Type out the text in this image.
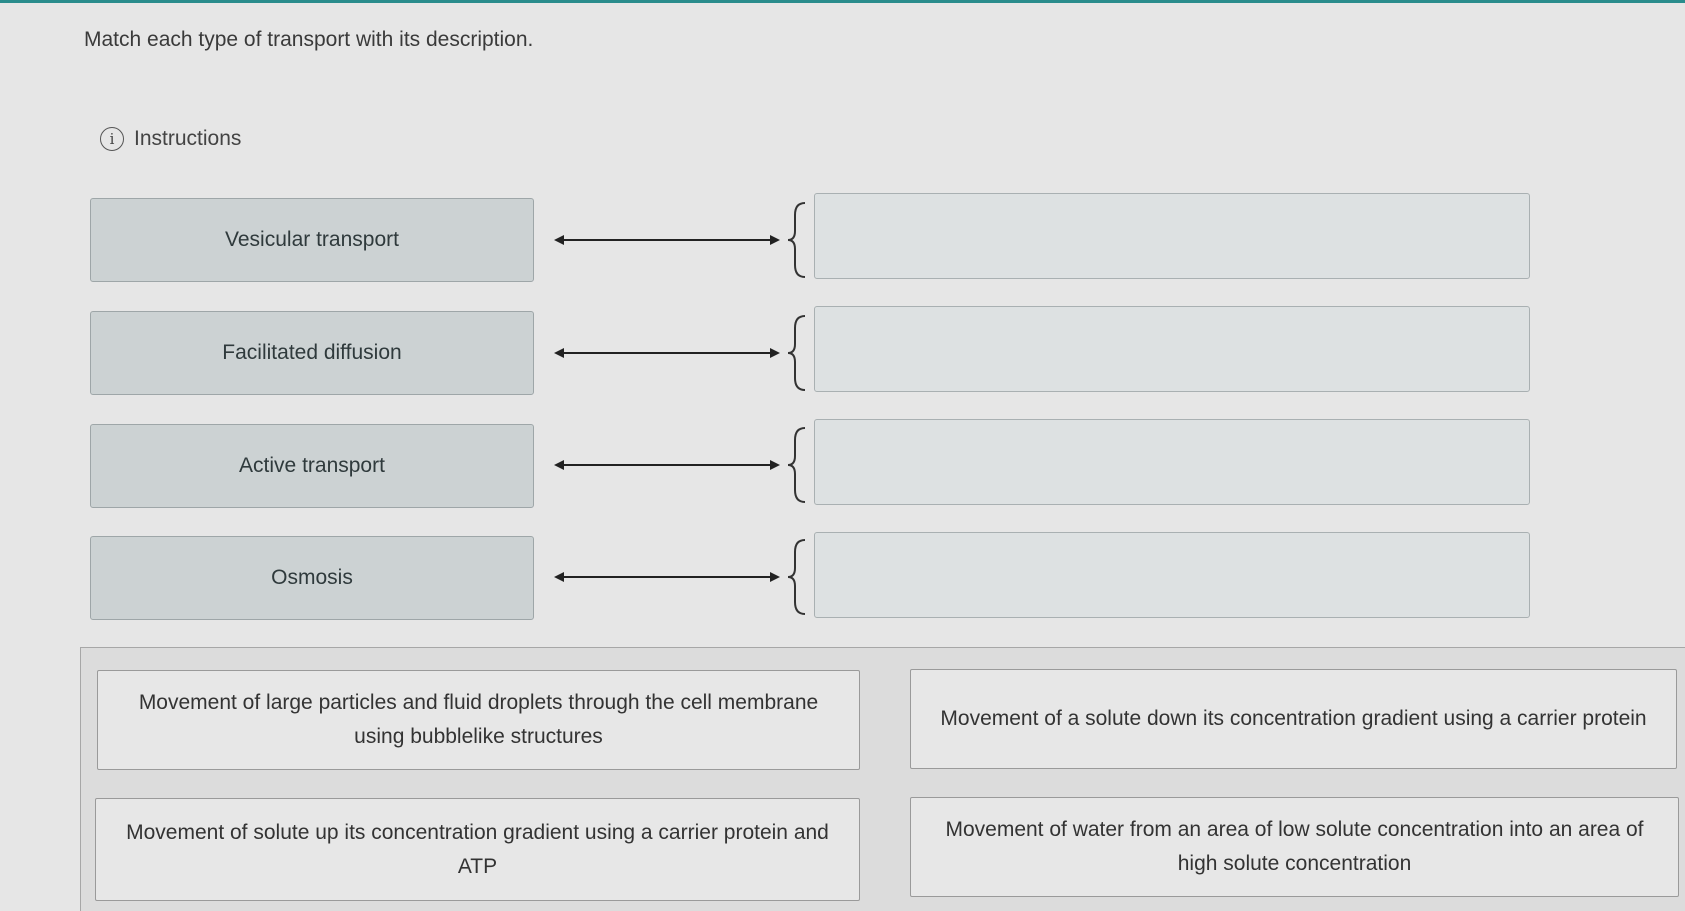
Match each type of transport with its description.
i Instructions
Vesicular transport
Facilitated diffusion
Active transport
Osmosis
Movement of large particles and fluid droplets through the cell membrane using bubblelike structures
Movement of a solute down its concentration gradient using a carrier protein
Movement of solute up its concentration gradient using a carrier protein and ATP
Movement of water from an area of low solute concentration into an area of high solute concentration
